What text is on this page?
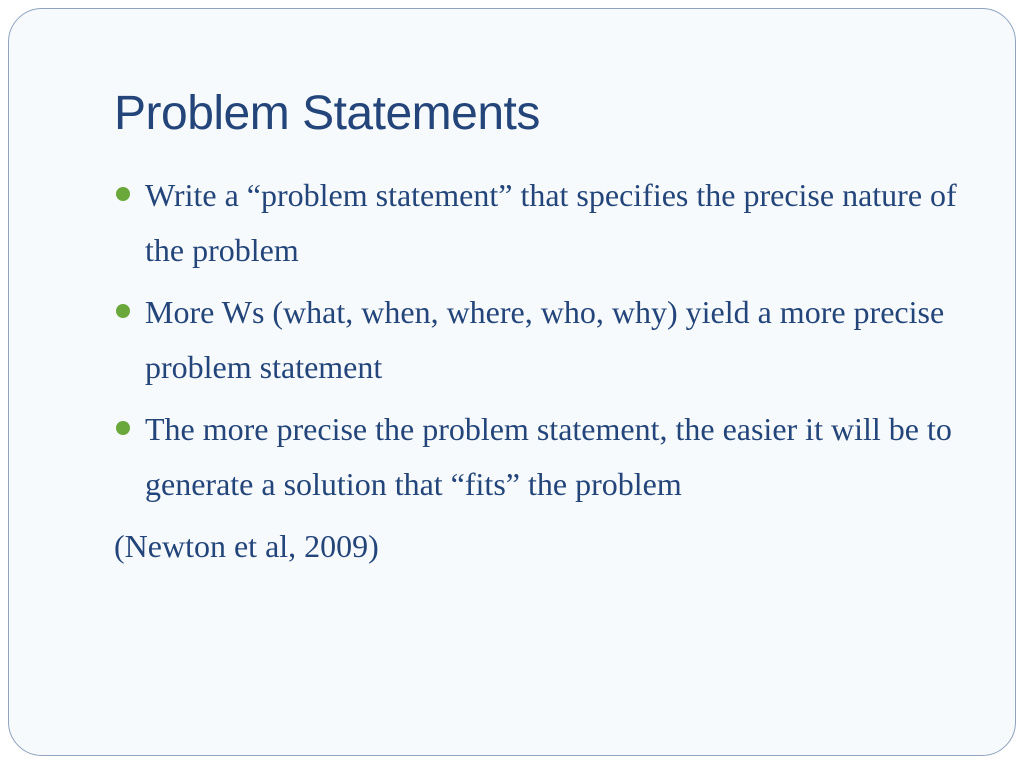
Problem Statements
Write a “problem statement” that specifies the precise nature of the problem
More Ws (what, when, where, who, why) yield a more precise problem statement
The more precise the problem statement, the easier it will be to generate a solution that “fits” the problem

(Newton et al, 2009)
